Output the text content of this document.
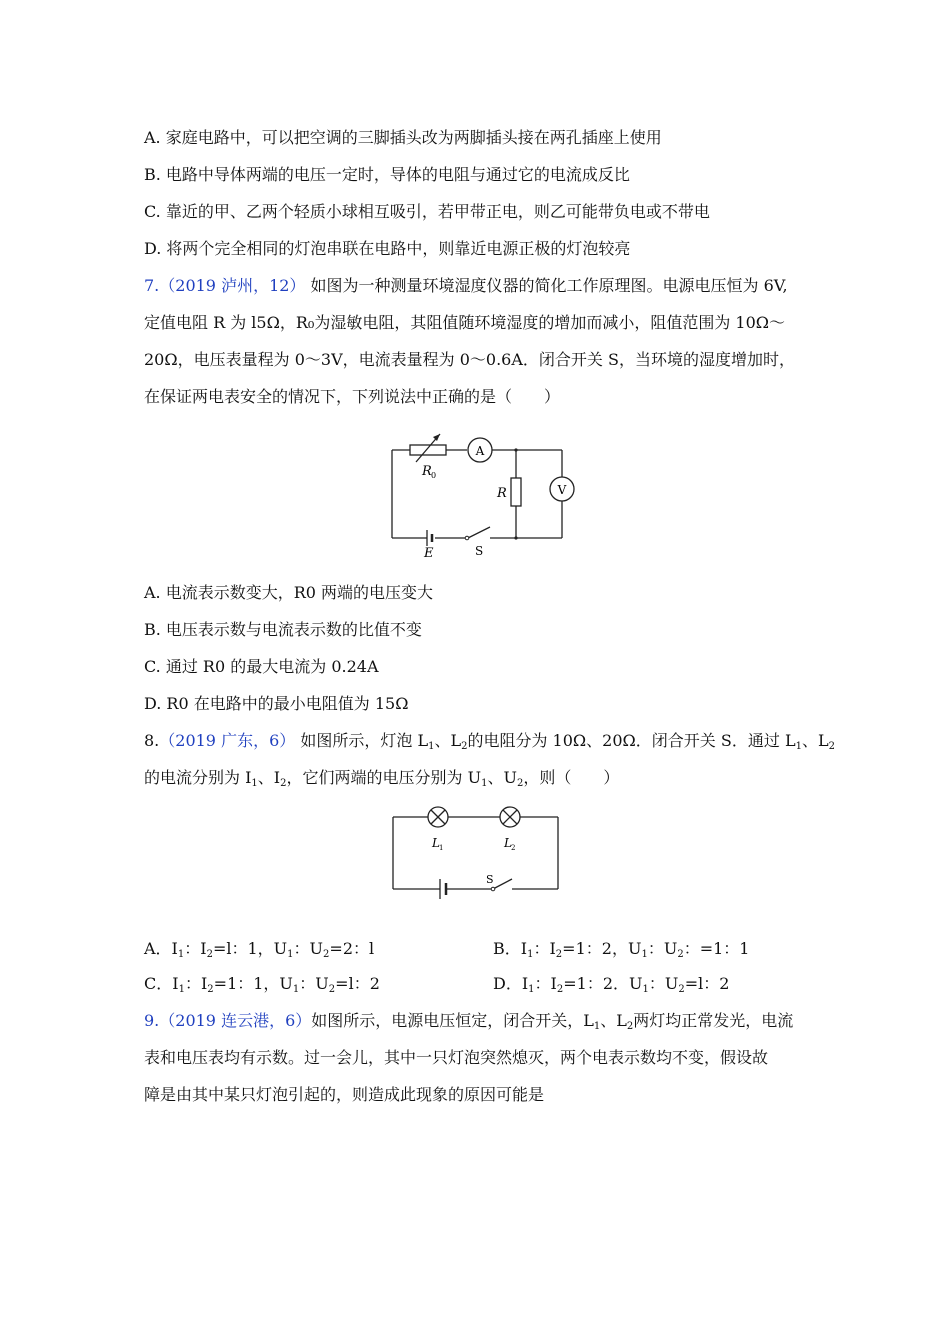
A. 家庭电路中，可以把空调的三脚插头改为两脚插头接在两孔插座上使用
B. 电路中导体两端的电压一定时，导体的电阻与通过它的电流成反比
C. 靠近的甲、乙两个轻质小球相互吸引，若甲带正电，则乙可能带负电或不带电
D. 将两个完全相同的灯泡串联在电路中，则靠近电源正极的灯泡较亮
7.（2019 泸州，12） 如图为一种测量环境湿度仪器的简化工作原理图。电源电压恒为 6V,
定值电阻 R 为 l5Ω，R₀为湿敏电阻，其阻值随环境湿度的增加而减小，阻值范围为 10Ω～
20Ω，电压表量程为 0～3V，电流表量程为 0～0.6A．闭合开关 S，当环境的湿度增加时，
在保证两电表安全的情况下，下列说法中正确的是（　　）
R 0
A
R	V
E	S
A. 电流表示数变大，R0 两端的电压变大
B. 电压表示数与电流表示数的比值不变
C. 通过 R0 的最大电流为 0.24A
D. R0 在电路中的最小电阻值为 15Ω
8.（2019 广东，6） 如图所示，灯泡 $L_1$、$L_2$的电阻分为 10Ω、20Ω．闭合开关 S．通过 $L_1$、$L_2$
的电流分别为 $I_1$、$I_2$，它们两端的电压分别为 $U_1$、$U_2$，则（　　）
L 1	L 2
S
A．$I_1$：$I_2=l$：1，$U_1$：$U_2=2$：l	B．$I_1$：$I_2=1$：2，$U_1$：$U_2$：=1：1
C．$I_1$：$I_2=1$：1，$U_1$：$U_2=l$：2	D．$I_1$：$I_2=1$：2．$U_1$：$U_2=l$：2
9.（2019 连云港，6）如图所示，电源电压恒定，闭合开关，$L_1$、$L_2$两灯均正常发光，电流
表和电压表均有示数。过一会儿，其中一只灯泡突然熄灭，两个电表示数均不变，假设故
障是由其中某只灯泡引起的，则造成此现象的原因可能是
